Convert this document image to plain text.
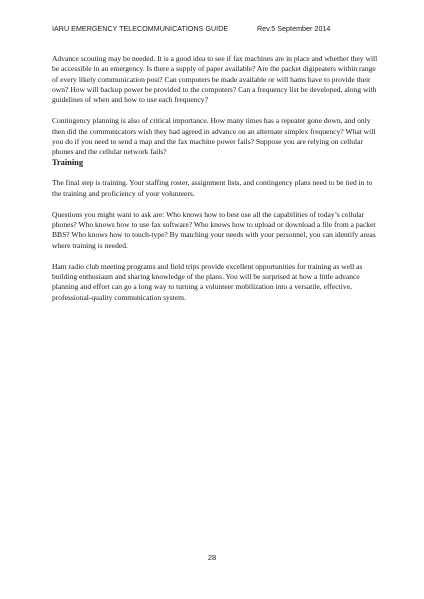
IARU EMERGENCY TELECOMMUNICATIONS GUIDE	Rev.5 September 2014

Advance scouting may be needed. It is a good idea to see if fax machines are in place and whether they will be accessible in an emergency. Is there a supply of paper available? Are the packet digipeaters within range of every likely communication post? Can computers be made available or will hams have to provide their own? How will backup power be provided to the computers? Can a frequency list be developed, along with guidelines of when and how to use each frequency?

Contingency planning is also of critical importance. How many times has a repeater gone down, and only then did the communicators wish they had agreed in advance on an alternate simplex frequency? What will you do if you need to send a map and the fax machine power fails? Suppose you are relying on cellular phones and the cellular network fails?

Training

The final step is training. Your staffing roster, assignment lists, and contingency plans need to be tied in to the training and proficiency of your volunteers.

Questions you might want to ask are: Who knows how to best use all the capabilities of today’s cellular phones? Who knows how to use fax software? Who knows how to upload or download a file from a packet BBS? Who knows how to touch-type? By matching your needs with your personnel, you can identify areas where training is needed.

Ham radio club meeting programs and field trips provide excellent opportunities for training as well as building enthusiasm and sharing knowledge of the plans. You will be surprised at how a little advance planning and effort can go a long way to turning a volunteer mobilization into a versatile, effective, professional-quality communication system.

28
